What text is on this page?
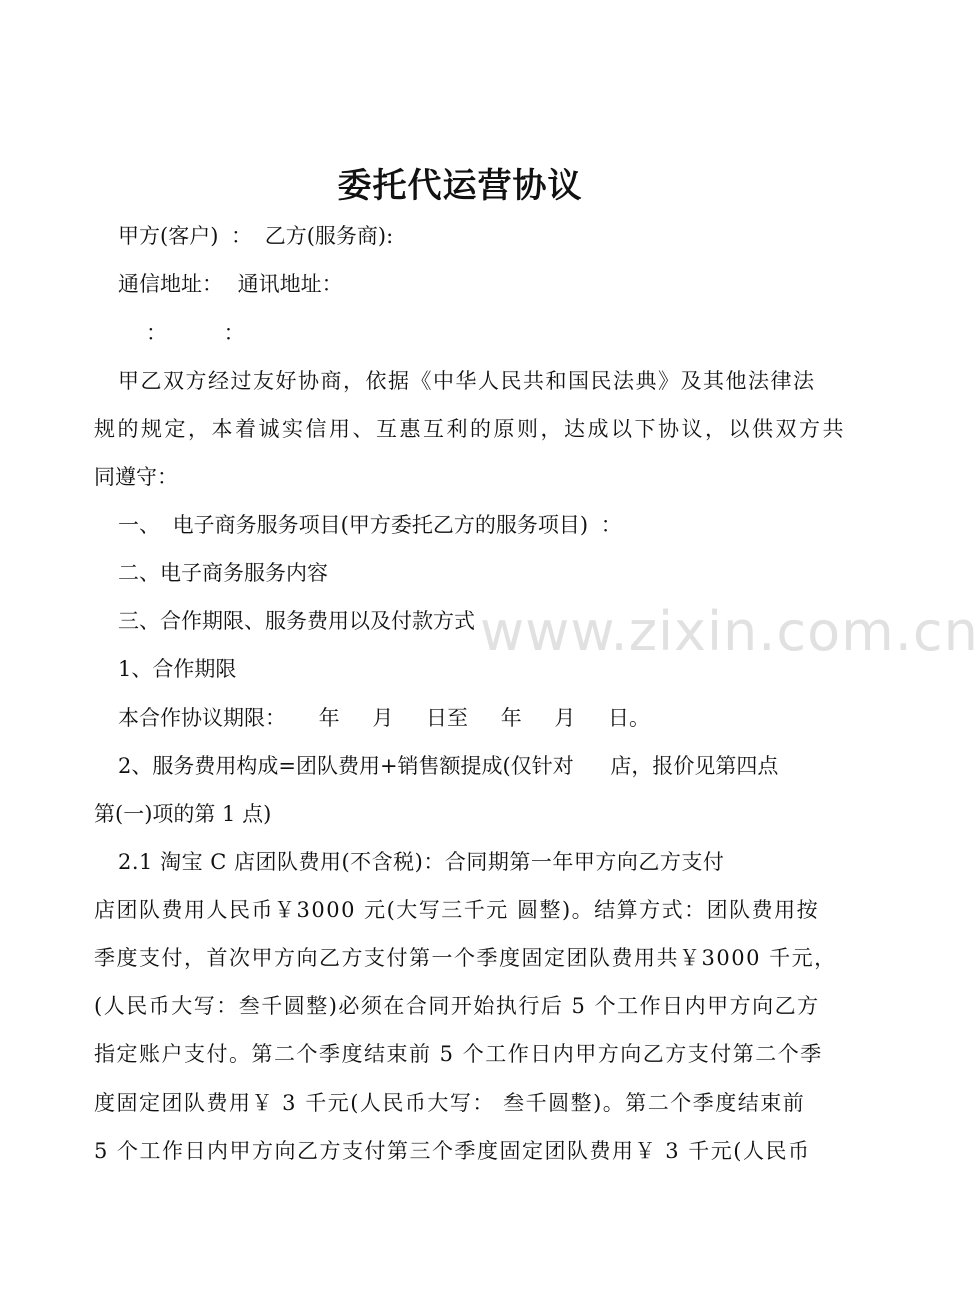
www.zixin.com.cn
委托代运营协议
甲方(客户) ： 乙方(服务商):
通信地址： 通讯地址：
： ：
甲乙双方经过友好协商，依据《中华人民共和国民法典》及其他法律法
规的规定，本着诚实信用、互惠互利的原则，达成以下协议，以供双方共
同遵守：
一、 电子商务服务项目(甲方委托乙方的服务项目) ：
二、电子商务服务内容
三、合作期限、服务费用以及付款方式
1、合作期限
本合作协议期限： 年 月 日至 年 月 日。
2、服务费用构成=团队费用+销售额提成(仅针对 店，报价见第四点
第(一)项的第 1 点)
2.1 淘宝 C 店团队费用(不含税)：合同期第一年甲方向乙方支付
店团队费用人民币￥3000 元(大写三千元 圆整)。结算方式：团队费用按
季度支付，首次甲方向乙方支付第一个季度固定团队费用共￥3000 千元，
(人民币大写：叁千圆整)必须在合同开始执行后 5 个工作日内甲方向乙方
指定账户支付。第二个季度结束前 5 个工作日内甲方向乙方支付第二个季
度固定团队费用￥ 3 千元(人民币大写： 叁千圆整)。第二个季度结束前
5 个工作日内甲方向乙方支付第三个季度固定团队费用￥ 3 千元(人民币
